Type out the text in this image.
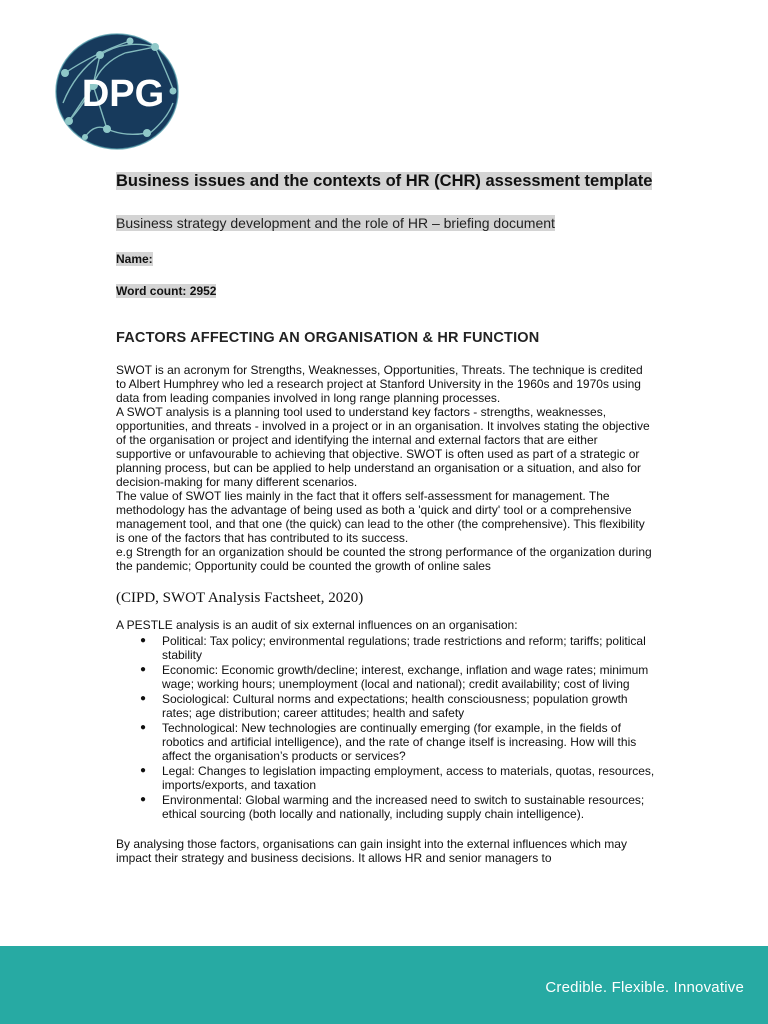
DPG
Business issues and the contexts of HR (CHR) assessment template

Business strategy development and the role of HR – briefing document

Name:

Word count: 2952

FACTORS AFFECTING AN ORGANISATION & HR FUNCTION

SWOT is an acronym for Strengths, Weaknesses, Opportunities, Threats. The technique is credited to Albert Humphrey who led a research project at Stanford University in the 1960s and 1970s using data from leading companies involved in long range planning processes.

A SWOT analysis is a planning tool used to understand key factors - strengths, weaknesses, opportunities, and threats - involved in a project or in an organisation. It involves stating the objective of the organisation or project and identifying the internal and external factors that are either supportive or unfavourable to achieving that objective. SWOT is often used as part of a strategic or planning process, but can be applied to help understand an organisation or a situation, and also for decision-making for many different scenarios.

The value of SWOT lies mainly in the fact that it offers self-assessment for management. The methodology has the advantage of being used as both a 'quick and dirty' tool or a comprehensive management tool, and that one (the quick) can lead to the other (the comprehensive). This flexibility is one of the factors that has contributed to its success.

e.g Strength for an organization should be counted the strong performance of the organization during the pandemic; Opportunity could be counted the growth of online sales

(CIPD, SWOT Analysis Factsheet, 2020)

A PESTLE analysis is an audit of six external influences on an organisation:

● Political: Tax policy; environmental regulations; trade restrictions and reform; tariffs; political stability
● Economic: Economic growth/decline; interest, exchange, inflation and wage rates; minimum wage; working hours; unemployment (local and national); credit availability; cost of living
● Sociological: Cultural norms and expectations; health consciousness; population growth rates; age distribution; career attitudes; health and safety
● Technological: New technologies are continually emerging (for example, in the fields of robotics and artificial intelligence), and the rate of change itself is increasing. How will this affect the organisation’s products or services?
● Legal: Changes to legislation impacting employment, access to materials, quotas, resources, imports/exports, and taxation
● Environmental: Global warming and the increased need to switch to sustainable resources; ethical sourcing (both locally and nationally, including supply chain intelligence).

By analysing those factors, organisations can gain insight into the external influences which may impact their strategy and business decisions. It allows HR and senior managers to

Credible. Flexible. Innovative
